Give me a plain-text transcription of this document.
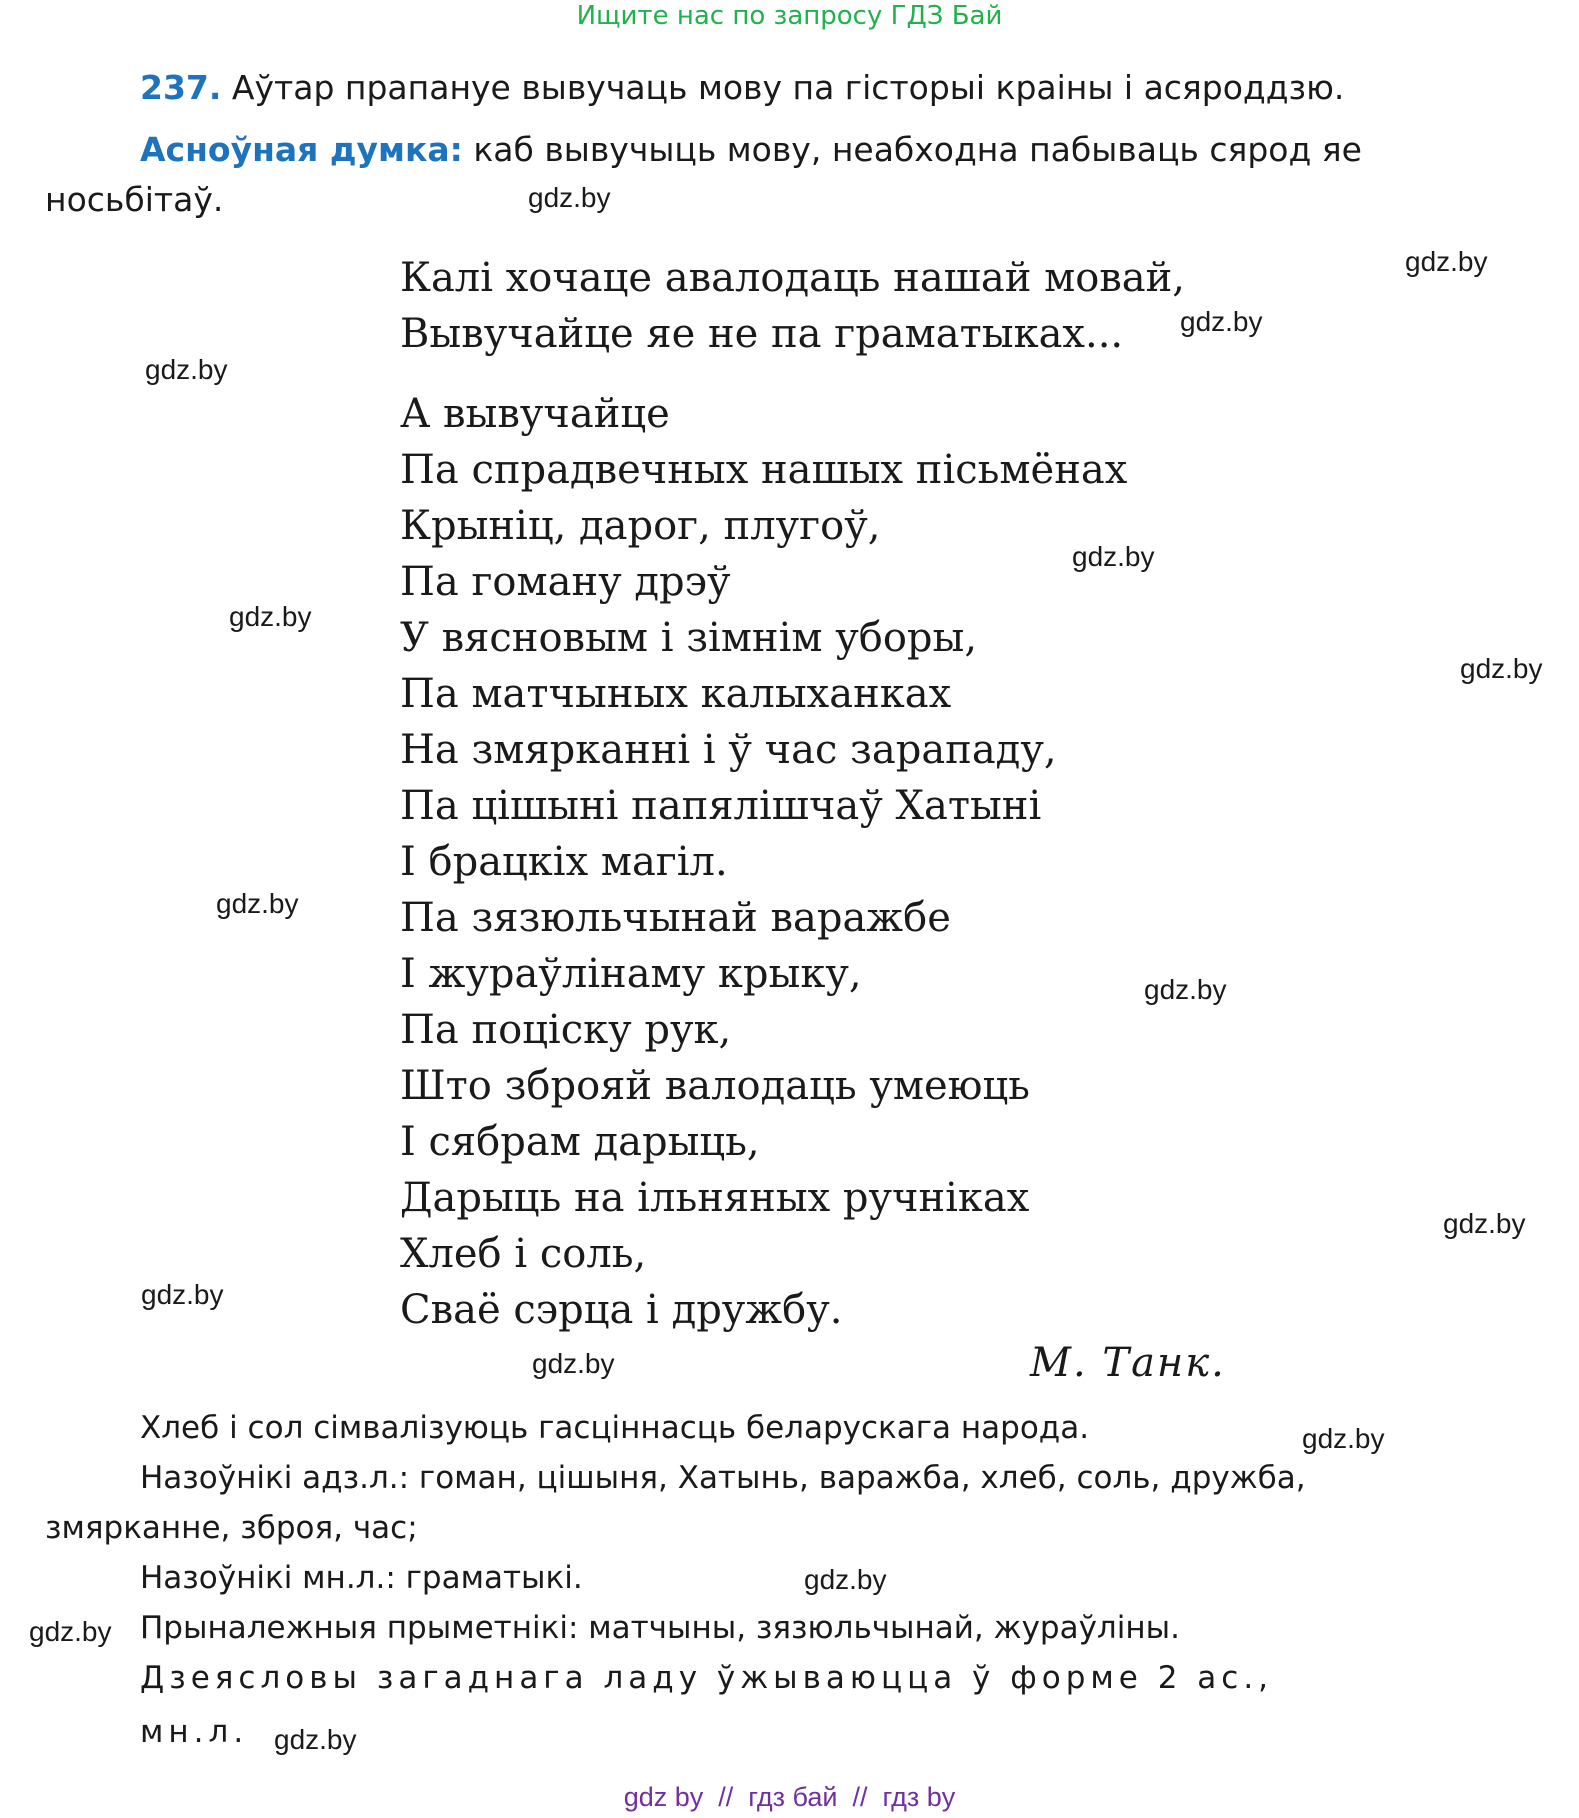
Ищите нас по запросу ГДЗ Бай
237. Аўтар прапануе вывучаць мову па гісторыі краіны і асяроддзю.
Асноўная думка: каб вывучыць мову, неабходна пабываць сярод яе
носьбітаў.
Калі хочаце авалодаць нашай мовай,
Вывучайце яе не па граматыках...
А вывучайце
Па спрадвечных нашых пісьмёнах
Крыніц, дарог, плугоў,
Па гоману дрэў
У вясновым і зімнім уборы,
Па матчыных калыханках
На змярканні і ў час зарападу,
Па цішыні папялішчаў Хатыні
І брацкіх магіл.
Па зязюльчынай варажбе
І жураўлінаму крыку,
Па поціску рук,
Што зброяй валодаць умеюць
І сябрам дарыць,
Дарыць на ільняных ручніках
Хлеб і соль,
Сваё сэрца і дружбу.
М. Танк.
Хлеб і сол сімвалізуюць гасціннасць беларускага народа.
Назоўнікі адз.л.: гоман, цішыня, Хатынь, варажба, хлеб, соль, дружба,
змярканне, зброя, час;
Назоўнікі мн.л.: граматыкі.
Прыналежныя прыметнікі: матчыны, зязюльчынай, жураўліны.
Дзеясловы загаднага ладу ўжываюцца ў форме 2 ас.,
мн.л.
gdz.by
gdz.by
gdz.by
gdz.by
gdz.by
gdz.by
gdz.by
gdz.by
gdz.by
gdz.by
gdz.by
gdz.by
gdz.by
gdz.by
gdz.by
gdz.by
gdz by  //  гдз бай  //  гдз by
